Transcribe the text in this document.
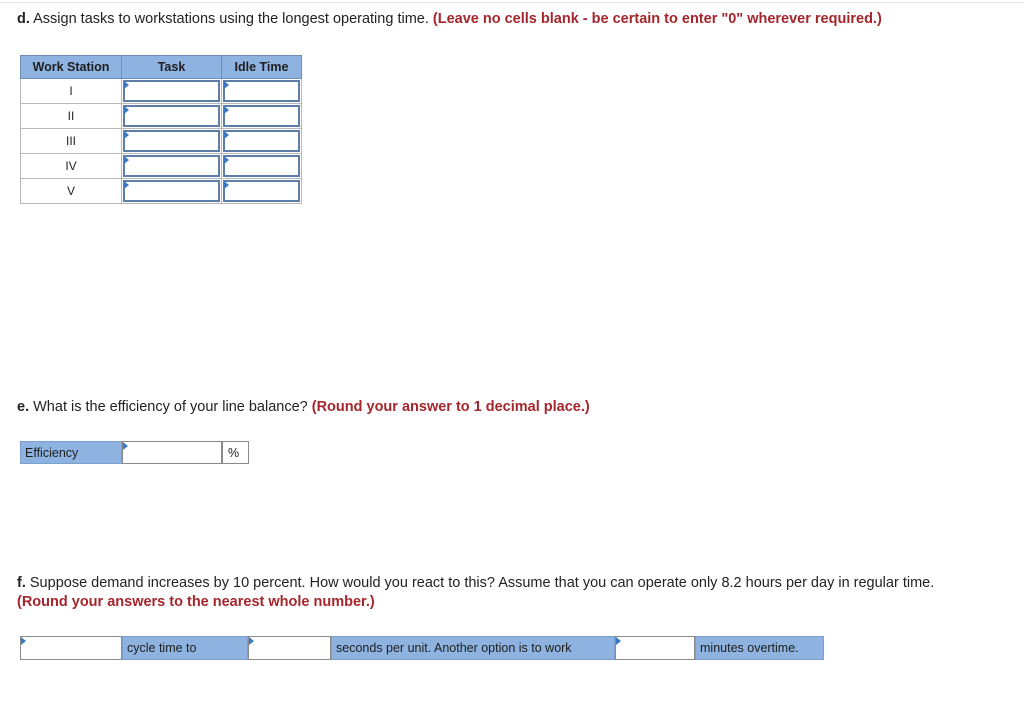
d. Assign tasks to workstations using the longest operating time. (Leave no cells blank - be certain to enter "0" wherever required.)
Work Station	Task	Idle Time
I	

II	

III	

IV	

V	

e. What is the efficiency of your line balance? (Round your answer to 1 decimal place.)
Efficiency	%
f. Suppose demand increases by 10 percent. How would you react to this? Assume that you can operate only 8.2 hours per day in regular time. (Round your answers to the nearest whole number.)
cycle time to	seconds per unit. Another option is to work	minutes overtime.
